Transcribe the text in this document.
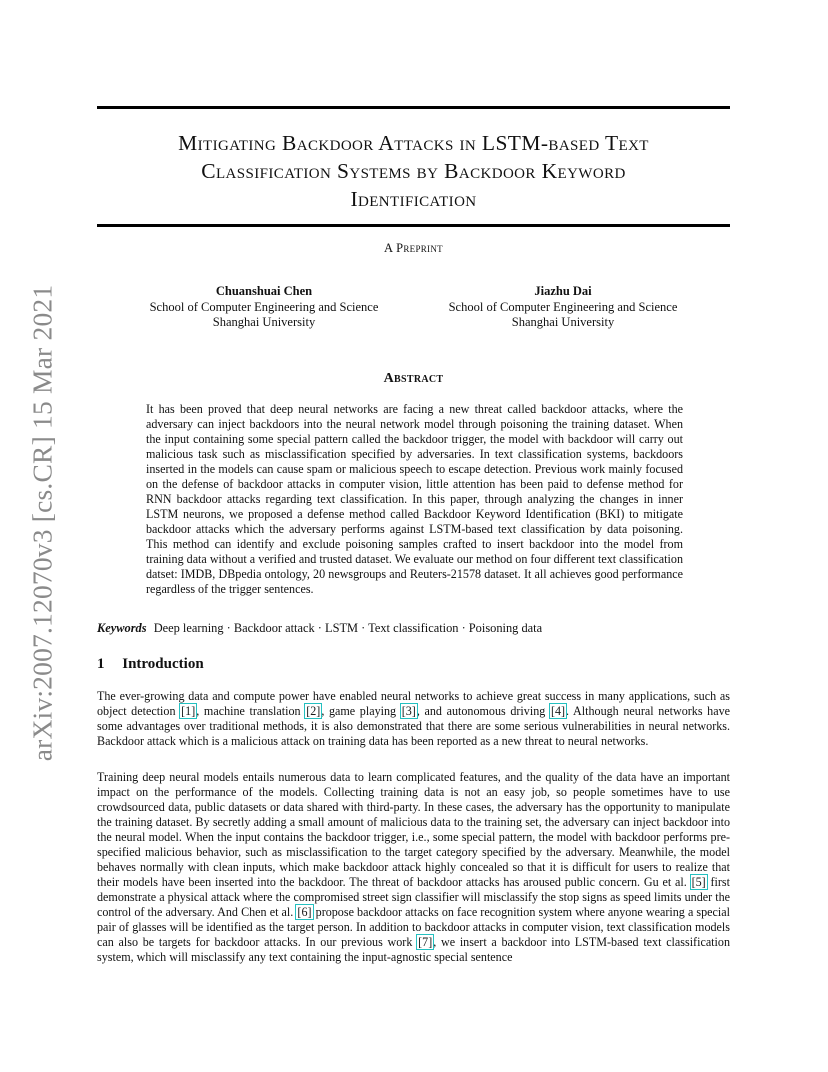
arXiv:2007.12070v3 [cs.CR] 15 Mar 2021
Mitigating Backdoor Attacks in LSTM-based Text
Classification Systems by Backdoor Keyword
Identification
A Preprint
Chuanshuai Chen
School of Computer Engineering and Science
Shanghai University
Jiazhu Dai
School of Computer Engineering and Science
Shanghai University
Abstract
It has been proved that deep neural networks are facing a new threat called backdoor attacks, where the adversary can inject backdoors into the neural network model through poisoning the training dataset. When the input containing some special pattern called the backdoor trigger, the model with backdoor will carry out malicious task such as misclassification specified by adversaries. In text classification systems, backdoors inserted in the models can cause spam or malicious speech to escape detection. Previous work mainly focused on the defense of backdoor attacks in computer vision, little attention has been paid to defense method for RNN backdoor attacks regarding text classification. In this paper, through analyzing the changes in inner LSTM neurons, we proposed a defense method called Backdoor Keyword Identification (BKI) to mitigate backdoor attacks which the adversary performs against LSTM-based text classification by data poisoning. This method can identify and exclude poisoning samples crafted to insert backdoor into the model from training data without a verified and trusted dataset. We evaluate our method on four different text classification datset: IMDB, DBpedia ontology, 20 newsgroups and Reuters-21578 dataset. It all achieves good performance regardless of the trigger sentences.
Keywords Deep learning · Backdoor attack · LSTM · Text classification · Poisoning data
1 Introduction
The ever-growing data and compute power have enabled neural networks to achieve great success in many applications, such as object detection [1], machine translation [2], game playing [3], and autonomous driving [4]. Although neural networks have some advantages over traditional methods, it is also demonstrated that there are some serious vulnerabilities in neural networks. Backdoor attack which is a malicious attack on training data has been reported as a new threat to neural networks.
Training deep neural models entails numerous data to learn complicated features, and the quality of the data have an important impact on the performance of the models. Collecting training data is not an easy job, so people sometimes have to use crowdsourced data, public datasets or data shared with third-party. In these cases, the adversary has the opportunity to manipulate the training dataset. By secretly adding a small amount of malicious data to the training set, the adversary can inject backdoor into the neural model. When the input contains the backdoor trigger, i.e., some special pattern, the model with backdoor performs pre-specified malicious behavior, such as misclassification to the target category specified by the adversary. Meanwhile, the model behaves normally with clean inputs, which make backdoor attack highly concealed so that it is difficult for users to realize that their models have been inserted into the backdoor. The threat of backdoor attacks has aroused public concern. Gu et al. [5] first demonstrate a physical attack where the compromised street sign classifier will misclassify the stop signs as speed limits under the control of the adversary. And Chen et al. [6] propose backdoor attacks on face recognition system where anyone wearing a special pair of glasses will be identified as the target person. In addition to backdoor attacks in computer vision, text classification models can also be targets for backdoor attacks. In our previous work [7], we insert a backdoor into LSTM-based text classification system, which will misclassify any text containing the input-agnostic special sentence
